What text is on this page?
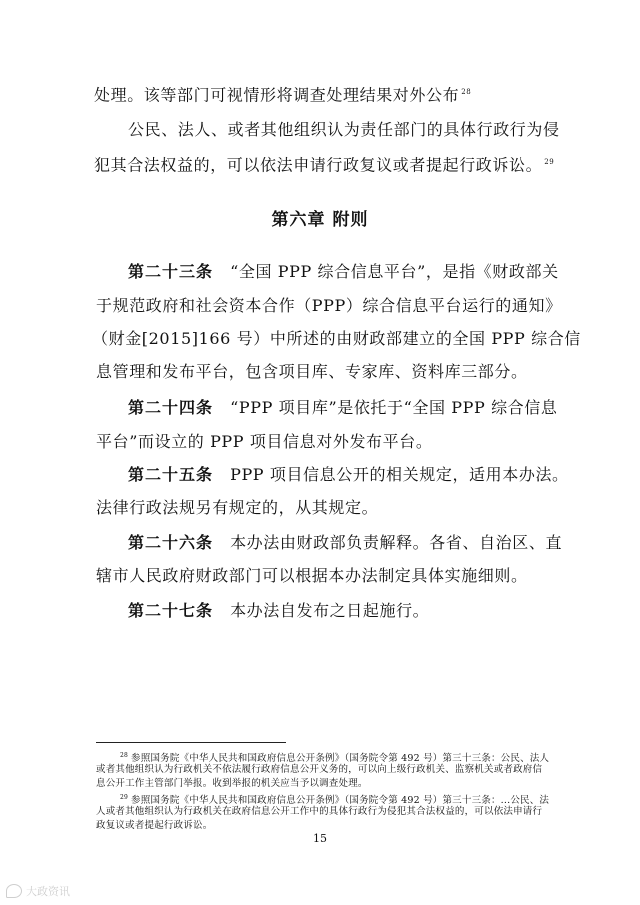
处理。该等部门可视情形将调查处理结果对外公布 $^{28}$
公民、法人、或者其他组织认为责任部门的具体行政行为侵
犯其合法权益的，可以依法申请行政复议或者提起行政诉讼。 $^{29}$
第六章 附则
第二十三条 “全国 PPP 综合信息平台”，是指《财政部关
于规范政府和社会资本合作（PPP）综合信息平台运行的通知》
（财金[2015]166 号）中所述的由财政部建立的全国 PPP 综合信
息管理和发布平台，包含项目库、专家库、资料库三部分。
第二十四条 “PPP 项目库”是依托于“全国 PPP 综合信息
平台”而设立的 PPP 项目信息对外发布平台。
第二十五条 PPP 项目信息公开的相关规定，适用本办法。
法律行政法规另有规定的，从其规定。
第二十六条 本办法由财政部负责解释。各省、自治区、直
辖市人民政府财政部门可以根据本办法制定具体实施细则。
第二十七条 本办法自发布之日起施行。
$^{28}$ 参照国务院《中华人民共和国政府信息公开条例》（国务院令第 492 号）第三十三条：公民、法人
或者其他组织认为行政机关不依法履行政府信息公开义务的，可以向上级行政机关、监察机关或者政府信
息公开工作主管部门举报。收到举报的机关应当予以调查处理。
$^{29}$ 参照国务院《中华人民共和国政府信息公开条例》（国务院令第 492 号）第三十三条：...公民、法
人或者其他组织认为行政机关在政府信息公开工作中的具体行政行为侵犯其合法权益的，可以依法申请行
政复议或者提起行政诉讼。
15
大政资讯
